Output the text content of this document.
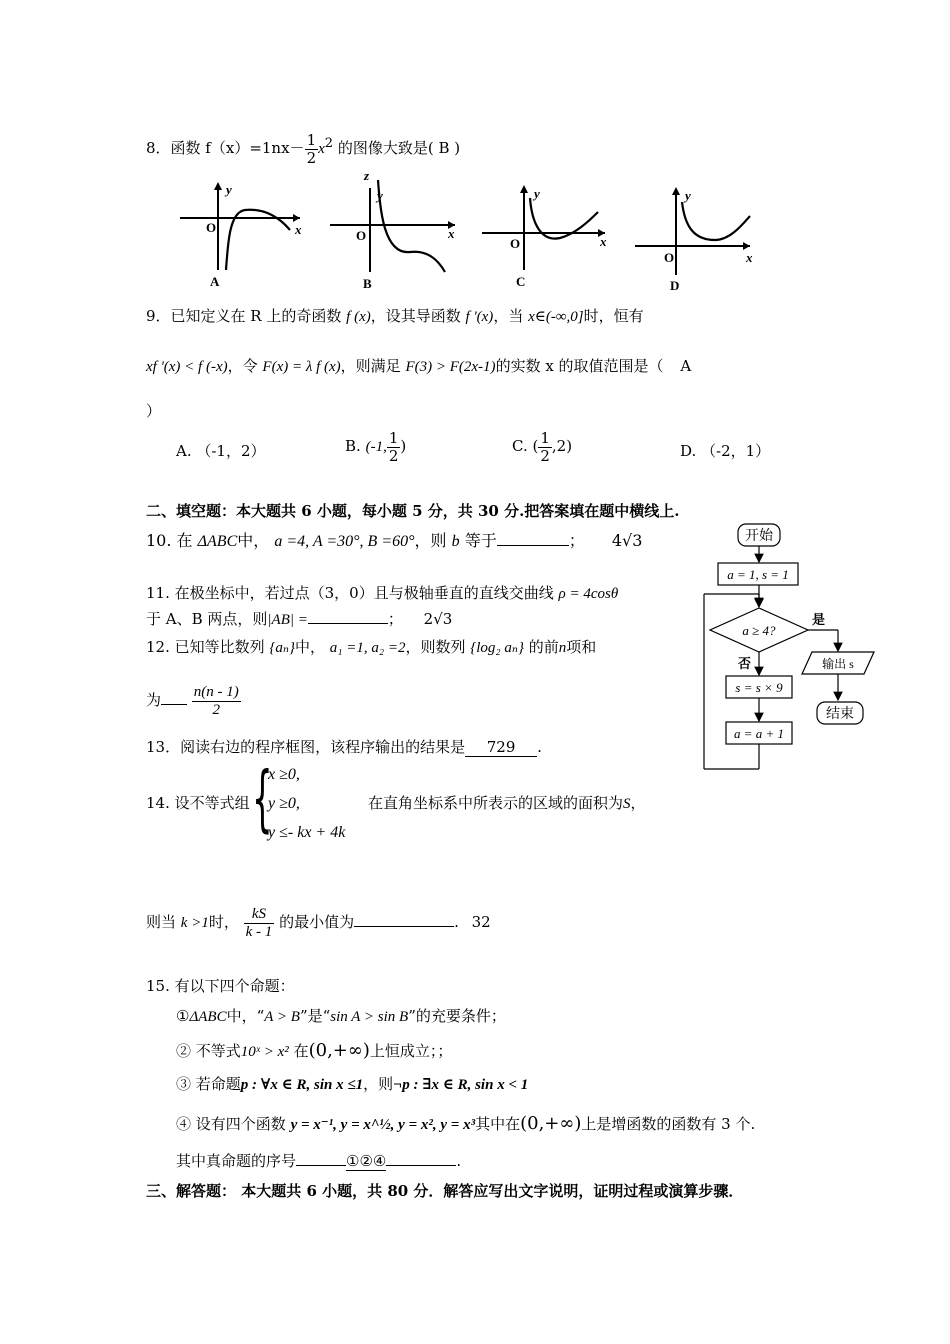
8．函数 $f(x)=1nx- \frac{1}{2} x^2$ 的图像大致是( B )
y
x
O
A
z
y
x
O
B
y
x
O
C
y
x
O
D
9．已知定义在 R 上的奇函数 f (x)，设其导函数 f '(x)，当 x∈(-∞,0]时，恒有
xf '(x) < f (-x)，令 F(x) = λ f (x)，则满足 F(3) > F(2x-1)的实数 x 的取值范围是（ A
）
A. （-1，2）	B. (-1, $\frac{1}{2}$ )	C. ( $\frac{1}{2} ,2$)	D. （-2，1）
二、填空题：本大题共 6 小题，每小题 5 分，共 30 分.把答案填在题中横线上.
10. 在 ΔABC中， a =4, A =30°, B =60°，则 b 等于	； 4√3
11. 在极坐标中，若过点（3，0）且与极轴垂直的直线交曲线 ρ = 4cosθ
于 A、B 两点，则|AB| =	； 2√3
12. 已知等比数列 {aₙ}中， a₁ =1, a₂ =2，则数列 {log₂ aₙ} 的前n项和
为 $\frac{n(n - 1)}{2}$
13．阅读右边的程序框图，该程序输出的结果是 729 .
14. 设不等式组 {
x ≥0,
y ≥0,
y ≤- kx + 4k
在直角坐标系中所表示的区域的面积为S，
则当 k >1时， $\frac{kS}{k - 1}$ 的最小值为	. 32
15. 有以下四个命题：
①ΔABC中，“A > B”是“sin A > sin B”的充要条件；
② 不等式10ˣ > x² 在(0,+∞)上恒成立；；
③ 若命题p : ∀x ∈ R, sin x ≤1，则¬p : ∃x ∈ R, sin x < 1
④ 设有四个函数 y = x⁻¹, y = x^½, y = x², y = x³其中在(0,+∞)上是增函数的函数有 3 个.
其中真命题的序号	①②④	.
三、解答题： 本大题共 6 小题，共 80 分．解答应写出文字说明，证明过程或演算步骤．
开始
a = 1, s = 1
a ≥ 4?
是
否
s = s × 9
a = a + 1
输出 s
结束
